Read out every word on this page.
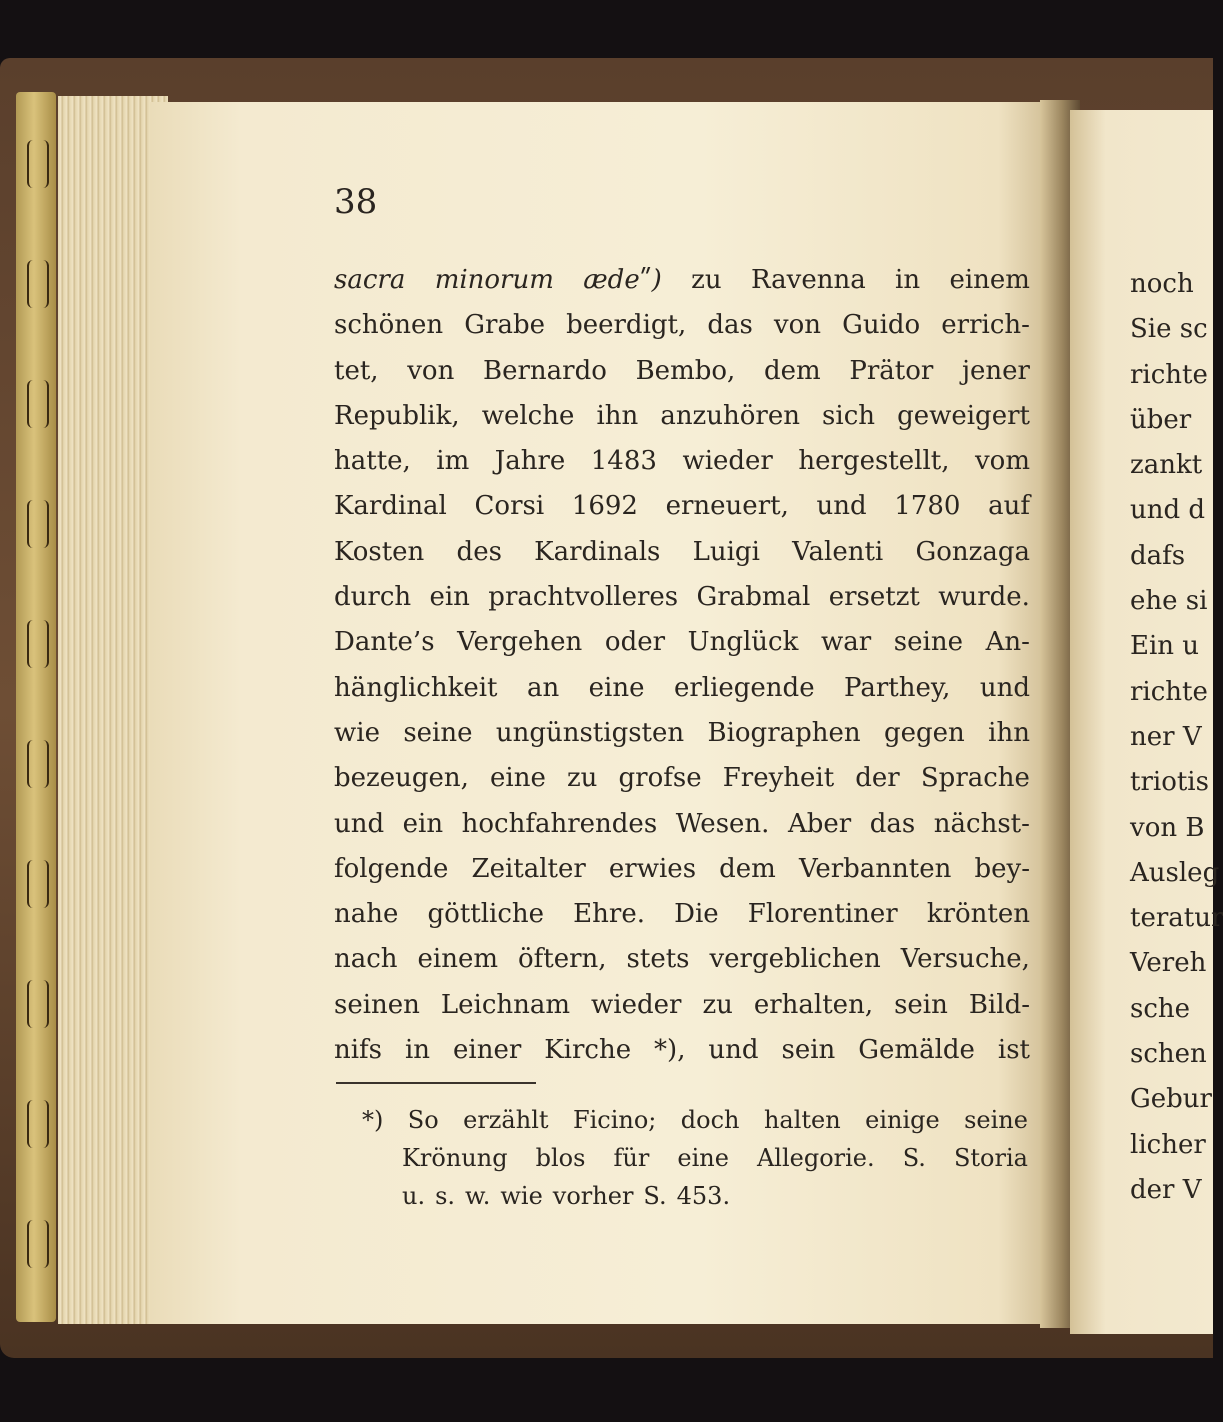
38
sacra minorum ædeʺ) zu Ravenna in einem
schönen Grabe beerdigt, das von Guido errich-
tet, von Bernardo Bembo, dem Prätor jener
Republik, welche ihn anzuhören sich geweigert
hatte, im Jahre 1483 wieder hergestellt, vom
Kardinal Corsi 1692 erneuert, und 1780 auf
Kosten des Kardinals Luigi Valenti Gonzaga
durch ein prachtvolleres Grabmal ersetzt wurde.
Dante’s Vergehen oder Unglück war seine An-
hänglichkeit an eine erliegende Parthey, und
wie seine ungünstigsten Biographen gegen ihn
bezeugen, eine zu grofse Freyheit der Sprache
und ein hochfahrendes Wesen. Aber das nächst-
folgende Zeitalter erwies dem Verbannten bey-
nahe göttliche Ehre. Die Florentiner krönten
nach einem öftern, stets vergeblichen Versuche,
seinen Leichnam wieder zu erhalten, sein Bild-
nifs in einer Kirche *), und sein Gemälde ist
*) So erzählt Ficino; doch halten einige seine
Krönung blos für eine Allegorie. S. Storia
u. s. w. wie vorher S. 453.
noch
Sie sc
richte
über
zankt
und d
dafs
ehe si
Ein u
richte
ner V
triotis
von B
Ausleg
teratur
Vereh
sche
schen
Gebur
licher
der V
